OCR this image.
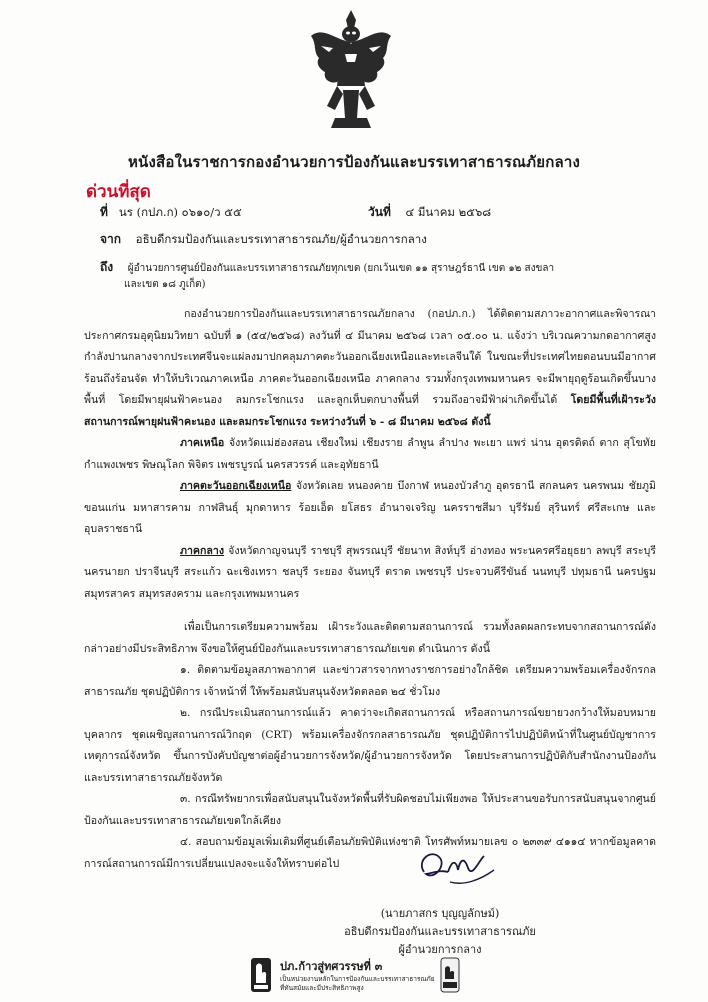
หนังสือในราชการกองอำนวยการป้องกันและบรรเทาสาธารณภัยกลาง
ด่วนที่สุด
ที่ นร (กปภ.ก) ๐๖๑๐/ว ๕๕	วันที่ ๔ มีนาคม ๒๕๖๘
จาก อธิบดีกรมป้องกันและบรรเทาสาธารณภัย/ผู้อำนวยการกลาง
ถึง ผู้อำนวยการศูนย์ป้องกันและบรรเทาสาธารณภัยทุกเขต (ยกเว้นเขต ๑๑ สุราษฎร์ธานี เขต ๑๒ สงขลา
และเขต ๑๘ ภูเก็ต)

กองอำนวยการป้องกันและบรรเทาสาธารณภัยกลาง (กอปภ.ก.) ได้ติดตามสภาวะอากาศและพิจารณาประกาศกรมอุตุนิยมวิทยา ฉบับที่ ๑ (๕๔/๒๕๖๘) ลงวันที่ ๔ มีนาคม ๒๕๖๘ เวลา ๐๕.๐๐ น. แจ้งว่า บริเวณความกดอากาศสูงกำลังปานกลางจากประเทศจีนจะแผ่ลงมาปกคลุมภาคตะวันออกเฉียงเหนือและทะเลจีนใต้ ในขณะที่ประเทศไทยตอนบนมีอากาศร้อนถึงร้อนจัด ทำให้บริเวณภาคเหนือ ภาคตะวันออกเฉียงเหนือ ภาคกลาง รวมทั้งกรุงเทพมหานคร จะมีพายุฤดูร้อนเกิดขึ้นบางพื้นที่ โดยมีพายุฝนฟ้าคะนอง ลมกระโชกแรง และลูกเห็บตกบางพื้นที่ รวมถึงอาจมีฟ้าผ่าเกิดขึ้นได้ โดยมีพื้นที่เฝ้าระวังสถานการณ์พายุฝนฟ้าคะนอง และลมกระโชกแรง ระหว่างวันที่ ๖ - ๘ มีนาคม ๒๕๖๘ ดังนี้

ภาคเหนือ จังหวัดแม่ฮ่องสอน เชียงใหม่ เชียงราย ลำพูน ลำปาง พะเยา แพร่ น่าน อุตรดิตถ์ ตาก สุโขทัย กำแพงเพชร พิษณุโลก พิจิตร เพชรบูรณ์ นครสวรรค์ และอุทัยธานี

ภาคตะวันออกเฉียงเหนือ จังหวัดเลย หนองคาย บึงกาฬ หนองบัวลำภู อุดรธานี สกลนคร นครพนม ชัยภูมิ ขอนแก่น มหาสารคาม กาฬสินธุ์ มุกดาหาร ร้อยเอ็ด ยโสธร อำนาจเจริญ นครราชสีมา บุรีรัมย์ สุรินทร์ ศรีสะเกษ และอุบลราชธานี

ภาคกลาง จังหวัดกาญจนบุรี ราชบุรี สุพรรณบุรี ชัยนาท สิงห์บุรี อ่างทอง พระนครศรีอยุธยา ลพบุรี สระบุรี นครนายก ปราจีนบุรี สระแก้ว ฉะเชิงเทรา ชลบุรี ระยอง จันทบุรี ตราด เพชรบุรี ประจวบคีรีขันธ์ นนทบุรี ปทุมธานี นครปฐม สมุทรสาคร สมุทรสงคราม และกรุงเทพมหานคร

เพื่อเป็นการเตรียมความพร้อม เฝ้าระวังและติดตามสถานการณ์ รวมทั้งลดผลกระทบจากสถานการณ์ดังกล่าวอย่างมีประสิทธิภาพ จึงขอให้ศูนย์ป้องกันและบรรเทาสาธารณภัยเขต ดำเนินการ ดังนี้

๑. ติดตามข้อมูลสภาพอากาศ และข่าวสารจากทางราชการอย่างใกล้ชิด เตรียมความพร้อมเครื่องจักรกลสาธารณภัย ชุดปฏิบัติการ เจ้าหน้าที่ ให้พร้อมสนับสนุนจังหวัดตลอด ๒๔ ชั่วโมง

๒. กรณีประเมินสถานการณ์แล้ว คาดว่าจะเกิดสถานการณ์ หรือสถานการณ์ขยายวงกว้างให้มอบหมายบุคลากร ชุดเผชิญสถานการณ์วิกฤต (CRT) พร้อมเครื่องจักรกลสาธารณภัย ชุดปฏิบัติการไปปฏิบัติหน้าที่ในศูนย์บัญชาการเหตุการณ์จังหวัด ขึ้นการบังคับบัญชาต่อผู้อำนวยการจังหวัด/ผู้อำนวยการจังหวัด โดยประสานการปฏิบัติกับสำนักงานป้องกันและบรรเทาสาธารณภัยจังหวัด

๓. กรณีทรัพยากรเพื่อสนับสนุนในจังหวัดพื้นที่รับผิดชอบไม่เพียงพอ ให้ประสานขอรับการสนับสนุนจากศูนย์ป้องกันและบรรเทาสาธารณภัยเขตใกล้เคียง

๔. สอบถามข้อมูลเพิ่มเติมที่ศูนย์เตือนภัยพิบัติแห่งชาติ โทรศัพท์หมายเลข ๐ ๒๓๓๙ ๔๑๑๔ หากข้อมูลคาดการณ์สถานการณ์มีการเปลี่ยนแปลงจะแจ้งให้ทราบต่อไป

(นายภาสกร บุญญลักษม์)
อธิบดีกรมป้องกันและบรรเทาสาธารณภัย
ผู้อำนวยการกลาง
ปภ.ก้าวสู่ทศวรรษที่ ๓
เป็นหน่วยงานหลักในการป้องกันและบรรเทาสาธารณภัย
ที่ทันสมัยและมีประสิทธิภาพสูง
